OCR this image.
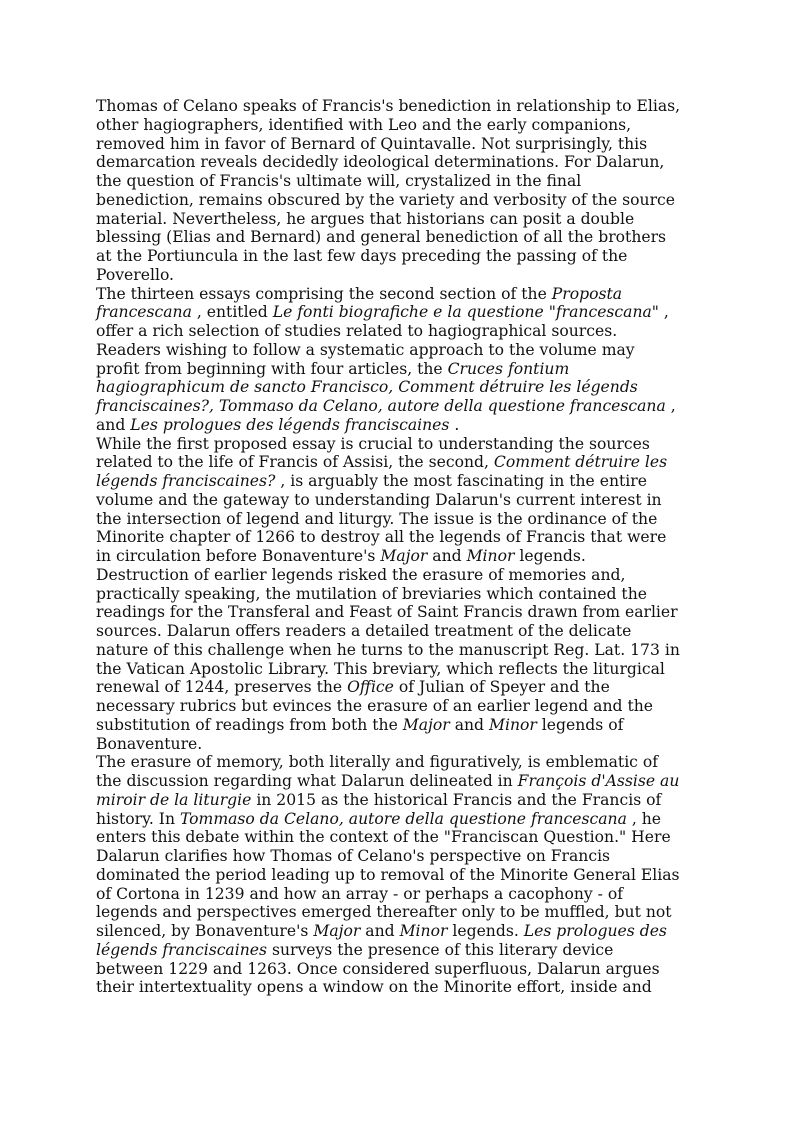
Thomas of Celano speaks of Francis's benediction in relationship to Elias,
other hagiographers, identified with Leo and the early companions,
removed him in favor of Bernard of Quintavalle. Not surprisingly, this
demarcation reveals decidedly ideological determinations. For Dalarun,
the question of Francis's ultimate will, crystalized in the final
benediction, remains obscured by the variety and verbosity of the source
material. Nevertheless, he argues that historians can posit a double
blessing (Elias and Bernard) and general benediction of all the brothers
at the Portiuncula in the last few days preceding the passing of the
Poverello.
The thirteen essays comprising the second section of the Proposta
francescana , entitled Le fonti biografiche e la questione "francescana" ,
offer a rich selection of studies related to hagiographical sources.
Readers wishing to follow a systematic approach to the volume may
profit from beginning with four articles, the Cruces fontium
hagiographicum de sancto Francisco, Comment détruire les légends
franciscaines?, Tommaso da Celano, autore della questione francescana ,
and Les prologues des légends franciscaines .
While the first proposed essay is crucial to understanding the sources
related to the life of Francis of Assisi, the second, Comment détruire les
légends franciscaines? , is arguably the most fascinating in the entire
volume and the gateway to understanding Dalarun's current interest in
the intersection of legend and liturgy. The issue is the ordinance of the
Minorite chapter of 1266 to destroy all the legends of Francis that were
in circulation before Bonaventure's Major and Minor legends.
Destruction of earlier legends risked the erasure of memories and,
practically speaking, the mutilation of breviaries which contained the
readings for the Transferal and Feast of Saint Francis drawn from earlier
sources. Dalarun offers readers a detailed treatment of the delicate
nature of this challenge when he turns to the manuscript Reg. Lat. 173 in
the Vatican Apostolic Library. This breviary, which reflects the liturgical
renewal of 1244, preserves the Office of Julian of Speyer and the
necessary rubrics but evinces the erasure of an earlier legend and the
substitution of readings from both the Major and Minor legends of
Bonaventure.
The erasure of memory, both literally and figuratively, is emblematic of
the discussion regarding what Dalarun delineated in François d'Assise au
miroir de la liturgie in 2015 as the historical Francis and the Francis of
history. In Tommaso da Celano, autore della questione francescana , he
enters this debate within the context of the "Franciscan Question." Here
Dalarun clarifies how Thomas of Celano's perspective on Francis
dominated the period leading up to removal of the Minorite General Elias
of Cortona in 1239 and how an array - or perhaps a cacophony - of
legends and perspectives emerged thereafter only to be muffled, but not
silenced, by Bonaventure's Major and Minor legends. Les prologues des
légends franciscaines surveys the presence of this literary device
between 1229 and 1263. Once considered superfluous, Dalarun argues
their intertextuality opens a window on the Minorite effort, inside and
